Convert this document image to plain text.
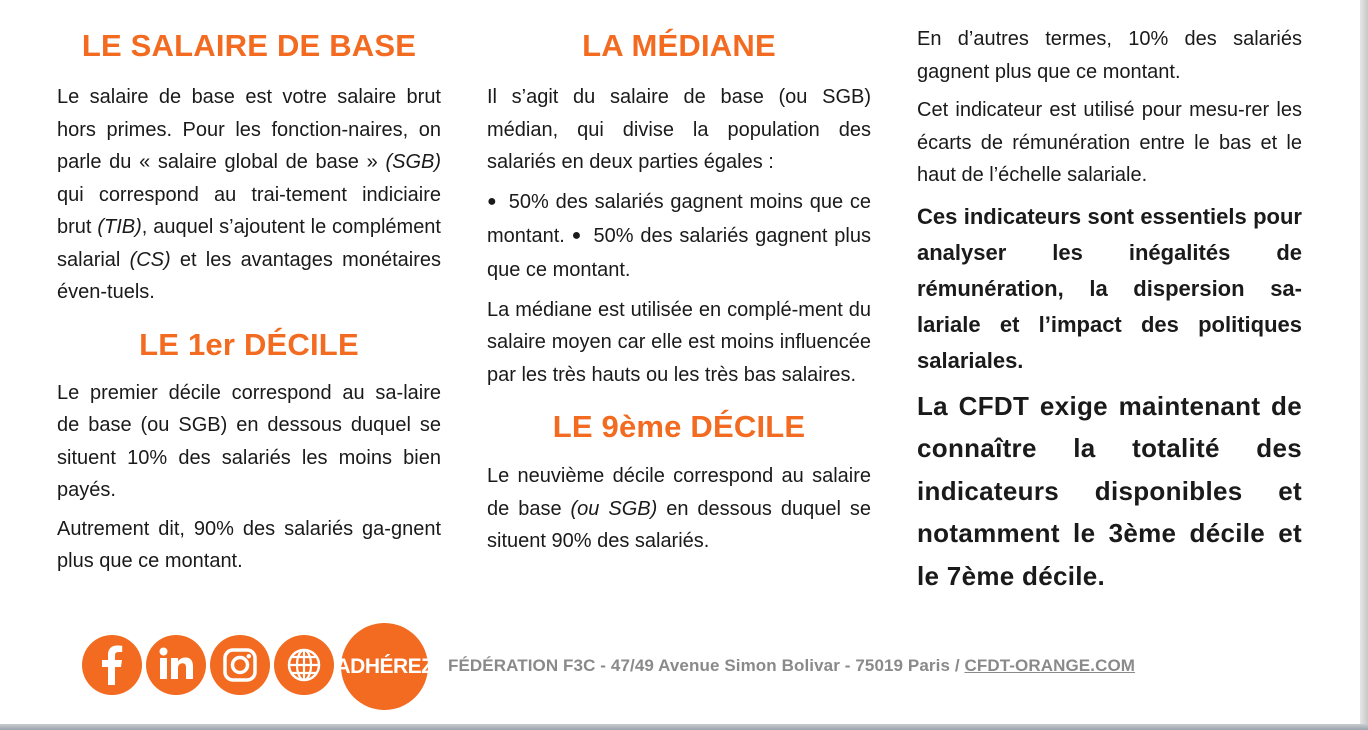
LE SALAIRE DE BASE

Le salaire de base est votre salaire brut hors primes. Pour les fonction-naires, on parle du « salaire global de base » (SGB) qui correspond au trai-tement indiciaire brut (TIB), auquel s’ajoutent le complément salarial (CS) et les avantages monétaires éven-tuels.

LE 1er DÉCILE

Le premier décile correspond au sa-laire de base (ou SGB) en dessous duquel se situent 10% des salariés les moins bien payés.

Autrement dit, 90% des salariés ga-gnent plus que ce montant.

LA MÉDIANE

Il s’agit du salaire de base (ou SGB) médian, qui divise la population des salariés en deux parties égales :

● 50% des salariés gagnent moins que ce montant. ● 50% des salariés gagnent plus que ce montant.

La médiane est utilisée en complé-ment du salaire moyen car elle est moins influencée par les très hauts ou les très bas salaires.

LE 9ème DÉCILE

Le neuvième décile correspond au salaire de base (ou SGB) en dessous duquel se situent 90% des salariés.

En d’autres termes, 10% des salariés gagnent plus que ce montant.

Cet indicateur est utilisé pour mesu-rer les écarts de rémunération entre le bas et le haut de l’échelle salariale.

Ces indicateurs sont essentiels pour analyser les inégalités de rémunération, la dispersion sa-lariale et l’impact des politiques salariales.

La CFDT exige maintenant de connaître la totalité des indicateurs disponibles et notamment le 3ème décile et le 7ème décile.

ADHÉREZ FÉDÉRATION F3C - 47/49 Avenue Simon Bolivar - 75019 Paris / CFDT-ORANGE.COM
